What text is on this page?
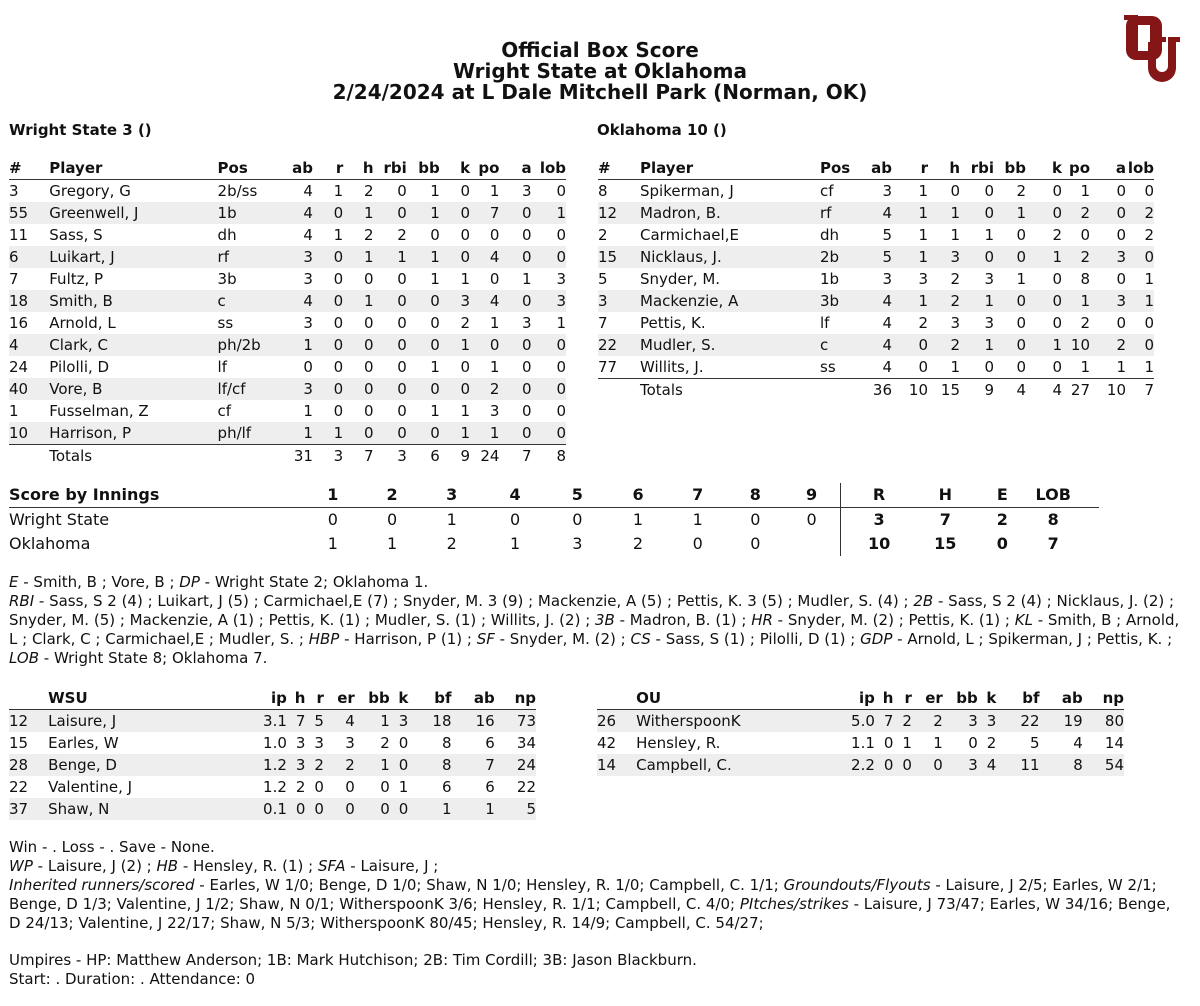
Official Box Score
Wright State at Oklahoma
2/24/2024 at L Dale Mitchell Park (Norman, OK)
Wright State 3 ()	Oklahoma 10 ()
#	Player	Pos	ab	r	h	rbi	bb	k	po	a	lob
3	Gregory, G	2b/ss	4	1	2	0	1	0	1	3	0
55	Greenwell, J	1b	4	0	1	0	1	0	7	0	1
11	Sass, S	dh	4	1	2	2	0	0	0	0	0
6	Luikart, J	rf	3	0	1	1	1	0	4	0	0
7	Fultz, P	3b	3	0	0	0	1	1	0	1	3
18	Smith, B	c	4	0	1	0	0	3	4	0	3
16	Arnold, L	ss	3	0	0	0	0	2	1	3	1
4	Clark, C	ph/2b	1	0	0	0	0	1	0	0	0
24	Pilolli, D	lf	0	0	0	0	1	0	1	0	0
40	Vore, B	lf/cf	3	0	0	0	0	0	2	0	0
1	Fusselman, Z	cf	1	0	0	0	1	1	3	0	0
10	Harrison, P	ph/lf	1	1	0	0	0	1	1	0	0
	Totals		31	3	7	3	6	9	24	7	8
#	Player	Pos	ab	r	h	rbi	bb	k	po	a	lob
8	Spikerman, J	cf	3	1	0	0	2	0	1	0	0
12	Madron, B.	rf	4	1	1	0	1	0	2	0	2
2	Carmichael,E	dh	5	1	1	1	0	2	0	0	2
15	Nicklaus, J.	2b	5	1	3	0	0	1	2	3	0
5	Snyder, M.	1b	3	3	2	3	1	0	8	0	1
3	Mackenzie, A	3b	4	1	2	1	0	0	1	3	1
7	Pettis, K.	lf	4	2	3	3	0	0	2	0	0
22	Mudler, S.	c	4	0	2	1	0	1	10	2	0
77	Willits, J.	ss	4	0	1	0	0	0	1	1	1
	Totals		36	10	15	9	4	4	27	10	7
Score by Innings	1	2	3	4	5	6	7	8	9	R	H	E	LOB	
Wright State	0	0	1	0	0	1	1	0	0	3	7	2	8	
Oklahoma	1	1	2	1	3	2	0	0		10	15	0	7	
E - Smith, B ; Vore, B ; DP - Wright State 2; Oklahoma 1.
RBI - Sass, S 2 (4) ; Luikart, J (5) ; Carmichael,E (7) ; Snyder, M. 3 (9) ; Mackenzie, A (5) ; Pettis, K. 3 (5) ; Mudler, S. (4) ; 2B - Sass, S 2 (4) ; Nicklaus, J. (2) ; Snyder, M. (5) ; Mackenzie, A (1) ; Pettis, K. (1) ; Mudler, S. (1) ; Willits, J. (2) ; 3B - Madron, B. (1) ; HR - Snyder, M. (2) ; Pettis, K. (1) ; KL - Smith, B ; Arnold, L ; Clark, C ; Carmichael,E ; Mudler, S. ; HBP - Harrison, P (1) ; SF - Snyder, M. (2) ; CS - Sass, S (1) ; Pilolli, D (1) ; GDP - Arnold, L ; Spikerman, J ; Pettis, K. ; LOB - Wright State 8; Oklahoma 7.
	WSU	ip	h	r	er	bb	k	bf	ab	np
12	Laisure, J	3.1	7	5	4	1	3	18	16	73
15	Earles, W	1.0	3	3	3	2	0	8	6	34
28	Benge, D	1.2	3	2	2	1	0	8	7	24
22	Valentine, J	1.2	2	0	0	0	1	6	6	22
37	Shaw, N	0.1	0	0	0	0	0	1	1	5
	OU	ip	h	r	er	bb	k	bf	ab	np
26	WitherspoonK	5.0	7	2	2	3	3	22	19	80
42	Hensley, R.	1.1	0	1	1	0	2	5	4	14
14	Campbell, C.	2.2	0	0	0	3	4	11	8	54
Win - . Loss - . Save - None.
WP - Laisure, J (2) ; HB - Hensley, R. (1) ; SFA - Laisure, J ;
Inherited runners/scored - Earles, W 1/0; Benge, D 1/0; Shaw, N 1/0; Hensley, R. 1/0; Campbell, C. 1/1; Groundouts/Flyouts - Laisure, J 2/5; Earles, W 2/1; Benge, D 1/3; Valentine, J 1/2; Shaw, N 0/1; WitherspoonK 3/6; Hensley, R. 1/1; Campbell, C. 4/0; PItches/strikes - Laisure, J 73/47; Earles, W 34/16; Benge, D 24/13; Valentine, J 22/17; Shaw, N 5/3; WitherspoonK 80/45; Hensley, R. 14/9; Campbell, C. 54/27;
Umpires - HP: Matthew Anderson; 1B: Mark Hutchison; 2B: Tim Cordill; 3B: Jason Blackburn.
Start: . Duration: . Attendance: 0
